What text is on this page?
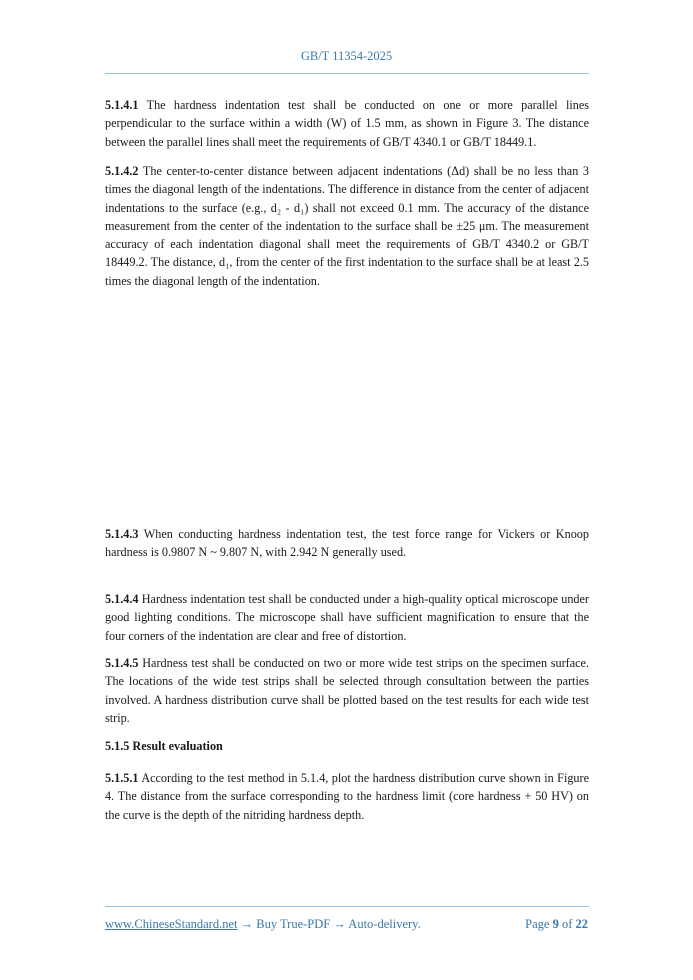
GB/T 11354-2025

5.1.4.1 The hardness indentation test shall be conducted on one or more parallel lines perpendicular to the surface within a width (W) of 1.5 mm, as shown in Figure 3. The distance between the parallel lines shall meet the requirements of GB/T 4340.1 or GB/T 18449.1.

5.1.4.2 The center-to-center distance between adjacent indentations (Δd) shall be no less than 3 times the diagonal length of the indentations. The difference in distance from the center of adjacent indentations to the surface (e.g., d₂ - d₁) shall not exceed 0.1 mm. The accuracy of the distance measurement from the center of the indentation to the surface shall be ±25 μm. The measurement accuracy of each indentation diagonal shall meet the requirements of GB/T 4340.2 or GB/T 18449.2. The distance, d₁, from the center of the first indentation to the surface shall be at least 2.5 times the diagonal length of the indentation.

5.1.4.3 When conducting hardness indentation test, the test force range for Vickers or Knoop hardness is 0.9807 N ~ 9.807 N, with 2.942 N generally used.

5.1.4.4 Hardness indentation test shall be conducted under a high-quality optical microscope under good lighting conditions. The microscope shall have sufficient magnification to ensure that the four corners of the indentation are clear and free of distortion.

5.1.4.5 Hardness test shall be conducted on two or more wide test strips on the specimen surface. The locations of the wide test strips shall be selected through consultation between the parties involved. A hardness distribution curve shall be plotted based on the test results for each wide test strip.

5.1.5 Result evaluation

5.1.5.1 According to the test method in 5.1.4, plot the hardness distribution curve shown in Figure 4. The distance from the surface corresponding to the hardness limit (core hardness + 50 HV) on the curve is the depth of the nitriding hardness depth.

www.ChineseStandard.net → Buy True-PDF → Auto-delivery.	Page 9 of 22
